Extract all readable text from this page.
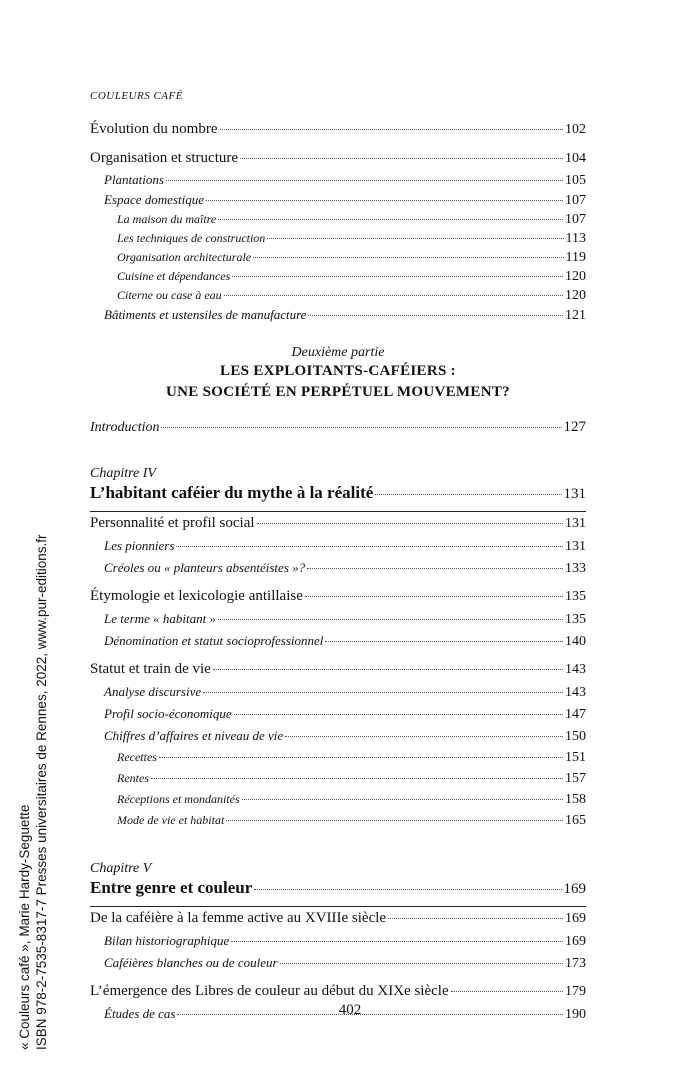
COULEURS CAFÉ
Évolution du nombre	102
Organisation et structure	104
Plantations	105
Espace domestique	107
La maison du maître	107
Les techniques de construction	113
Organisation architecturale	119
Cuisine et dépendances	120
Citerne ou case à eau	120
Bâtiments et ustensiles de manufacture	121
Deuxième partie
LES EXPLOITANTS-CAFÉIERS :
UNE SOCIÉTÉ EN PERPÉTUEL MOUVEMENT?
Introduction	127
Chapitre IV
L’habitant caféier du mythe à la réalité	131
Personnalité et profil social	131
Les pionniers	131
Créoles ou « planteurs absentéistes »?	133
Étymologie et lexicologie antillaise	135
Le terme « habitant »	135
Dénomination et statut socioprofessionnel	140
Statut et train de vie	143
Analyse discursive	143
Profil socio-économique	147
Chiffres d’affaires et niveau de vie	150
Recettes	151
Rentes	157
Réceptions et mondanités	158
Mode de vie et habitat	165
Chapitre V
Entre genre et couleur	169
De la caféière à la femme active au XVIIIe siècle	169
Bilan historiographique	169
Caféières blanches ou de couleur	173
L’émergence des Libres de couleur au début du XIXe siècle	179
Études de cas	190
402
« Couleurs café », Marie Hardy-Seguette ISBN 978-2-7535-8317-7 Presses universitaires de Rennes, 2022, www.pur-editions.fr
